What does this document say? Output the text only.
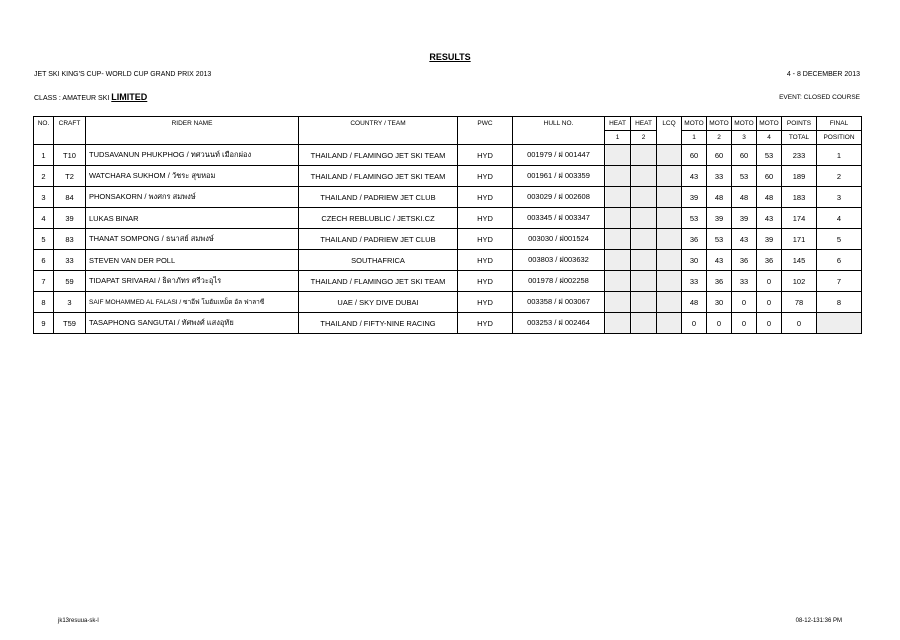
RESULTS
JET SKI KING'S CUP- WORLD CUP GRAND PRIX 2013	4 - 8 DECEMBER 2013
CLASS : AMATEUR SKI LIMITED	EVENT: CLOSED COURSE
NO.	CRAFT	RIDER NAME	COUNTRY / TEAM	PWC	HULL NO.	HEAT	HEAT	LCQ	MOTO	MOTO	MOTO	MOTO	POINTS	FINAL
						1	2		1	2	3	4	TOTAL	POSITION
1	T10	TUDSAVANUN PHUKPHOG / ทศวนนท์ เมือกผ่อง	THAILAND / FLAMINGO JET SKI TEAM	HYD	001979 / ฝ 001447				60	60	60	53	233	1
2	T2	WATCHARA SUKHOM / วัชระ สุขหอม	THAILAND / FLAMINGO JET SKI TEAM	HYD	001961 / ฝ 003359				43	33	53	60	189	2
3	84	PHONSAKORN / พงศกร สมพงษ์	THAILAND / PADRIEW JET CLUB	HYD	003029 / ฝ 002608				39	48	48	48	183	3
4	39	LUKAS BINAR	CZECH REBLUBLIC / JETSKI.CZ	HYD	003345 / ฝ 003347				53	39	39	43	174	4
5	83	THANAT SOMPONG / ธนาสย์ สมพงษ์	THAILAND / PADRIEW JET CLUB	HYD	003030 / ฝ001524				36	53	43	39	171	5
6	33	STEVEN VAN DER POLL	SOUTHAFRICA	HYD	003803 / ฝ003632				30	43	36	36	145	6
7	59	TIDAPAT SRIVARAI / ธิดาภัทร ศรีวะอุไร	THAILAND / FLAMINGO JET SKI TEAM	HYD	001978 / ฝ002258				33	36	33	0	102	7
8	3	SAIF MOHAMMED AL FALASI / ซาอีฟ โมฮัมเหม็ด อัล ฟาลาซี	UAE / SKY DIVE DUBAI	HYD	003358 / ฝ 003067				48	30	0	0	78	8
9	T59	TASAPHONG SANGUTAI / ทัศพงศ์ แสงอุทัย	THAILAND / FIFTY-NINE RACING	HYD	003253 / ฝ 002464				0	0	0	0	0	
jk13resuua-sk-l	08-12-131:36 PM
